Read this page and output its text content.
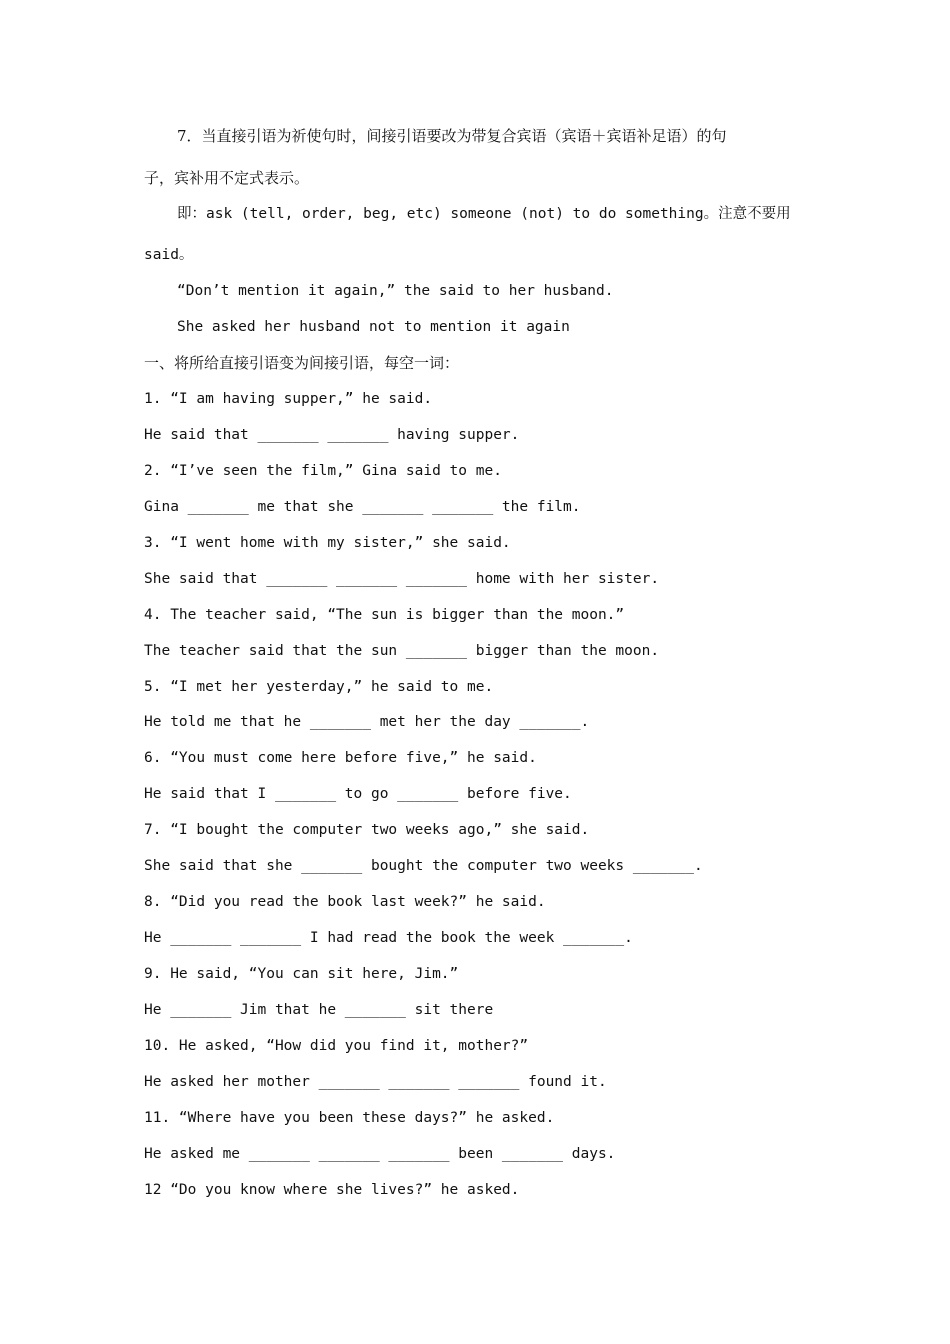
7．当直接引语为祈使句时，间接引语要改为带复合宾语（宾语＋宾语补足语）的句
子，宾补用不定式表示。
即：ask (tell, order, beg, etc) someone (not) to do something。注意不要用
said。
“Don’t mention it again,” the said to her husband.
She asked her husband not to mention it again
一、将所给直接引语变为间接引语，每空一词：
1. “I am having supper,” he said.
He said that _______ _______ having supper.
2. “I’ve seen the film,” Gina said to me.
Gina _______ me that she _______ _______ the film.
3. “I went home with my sister,” she said.
She said that _______ _______ _______ home with her sister.
4. The teacher said, “The sun is bigger than the moon.”
The teacher said that the sun _______ bigger than the moon.
5. “I met her yesterday,” he said to me.
He told me that he _______ met her the day _______.
6. “You must come here before five,” he said.
He said that I _______ to go _______ before five.
7. “I bought the computer two weeks ago,” she said.
She said that she _______ bought the computer two weeks _______.
8. “Did you read the book last week?” he said.
He _______ _______ I had read the book the week _______.
9. He said, “You can sit here, Jim.”
He _______ Jim that he _______ sit there
10. He asked, “How did you find it, mother?”
He asked her mother _______ _______ _______ found it.
11. “Where have you been these days?” he asked.
He asked me _______ _______ _______ been _______ days.
12 “Do you know where she lives?” he asked.
